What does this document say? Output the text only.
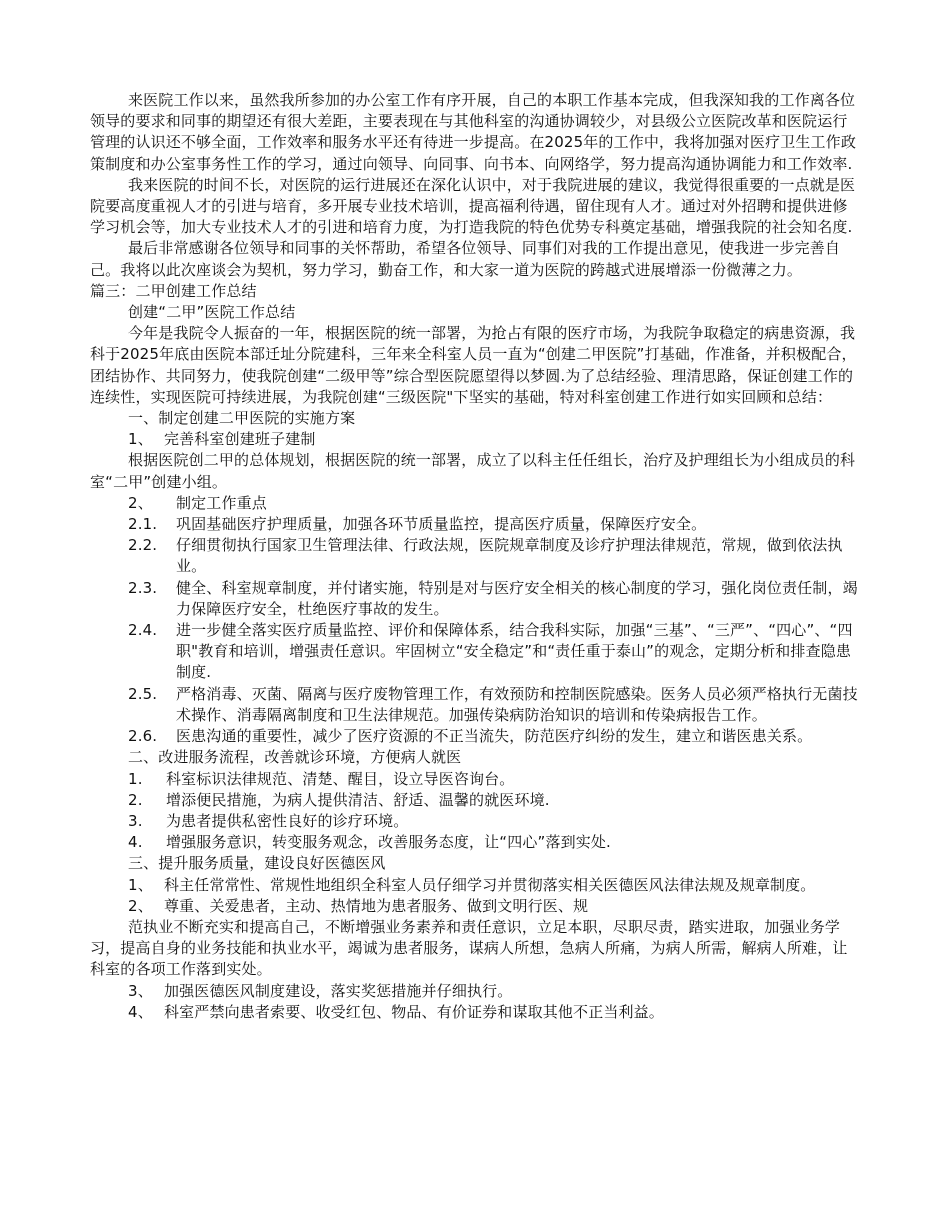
来医院工作以来，虽然我所参加的办公室工作有序开展，自己的本职工作基本完成，但我深知我的工作离各位领导的要求和同事的期望还有很大差距，主要表现在与其他科室的沟通协调较少，对县级公立医院改革和医院运行管理的认识还不够全面，工作效率和服务水平还有待进一步提高。在2025年的工作中，我将加强对医疗卫生工作政策制度和办公室事务性工作的学习，通过向领导、向同事、向书本、向网络学，努力提高沟通协调能力和工作效率.

我来医院的时间不长，对医院的运行进展还在深化认识中，对于我院进展的建议，我觉得很重要的一点就是医院要高度重视人才的引进与培育，多开展专业技术培训，提高福利待遇，留住现有人才。通过对外招聘和提供进修学习机会等，加大专业技术人才的引进和培育力度，为打造我院的特色优势专科奠定基础，增强我院的社会知名度.

最后非常感谢各位领导和同事的关怀帮助，希望各位领导、同事们对我的工作提出意见，使我进一步完善自己。我将以此次座谈会为契机，努力学习，勤奋工作，和大家一道为医院的跨越式进展增添一份微薄之力。

篇三：二甲创建工作总结

创建“二甲”医院工作总结

今年是我院令人振奋的一年，根据医院的统一部署，为抢占有限的医疗市场，为我院争取稳定的病患资源，我科于2025年底由医院本部迁址分院建科，三年来全科室人员一直为“创建二甲医院”打基础，作准备，并积极配合，团结协作、共同努力，使我院创建“二级甲等”综合型医院愿望得以梦圆.为了总结经验、理清思路，保证创建工作的连续性，实现医院可持续进展，为我院创建“三级医院"下坚实的基础，特对科室创建工作进行如实回顾和总结：

一、制定创建二甲医院的实施方案

1、 完善科室创建班子建制

根据医院创二甲的总体规划，根据医院的统一部署，成立了以科主任任组长，治疗及护理组长为小组成员的科室“二甲”创建小组。

2、	制定工作重点
2.1.	巩固基础医疗护理质量，加强各环节质量监控，提高医疗质量，保障医疗安全。
2.2.	仔细贯彻执行国家卫生管理法律、行政法规，医院规章制度及诊疗护理法律规范，常规，做到依法执业。
2.3.	健全、科室规章制度，并付诸实施，特别是对与医疗安全相关的核心制度的学习，强化岗位责任制，竭力保障医疗安全，杜绝医疗事故的发生。
2.4.	进一步健全落实医疗质量监控、评价和保障体系，结合我科实际，加强“三基”、“三严”、“四心”、“四职"教育和培训，增强责任意识。牢固树立“安全稳定”和“责任重于泰山”的观念，定期分析和排查隐患制度.
2.5.	严格消毒、灭菌、隔离与医疗废物管理工作，有效预防和控制医院感染。医务人员必须严格执行无菌技术操作、消毒隔离制度和卫生法律规范。加强传染病防治知识的培训和传染病报告工作。
2.6.	医患沟通的重要性，减少了医疗资源的不正当流失，防范医疗纠纷的发生，建立和谐医患关系。

二、改进服务流程，改善就诊环境，方便病人就医

1.	科室标识法律规范、清楚、醒目，设立导医咨询台。
2.	增添便民措施，为病人提供清洁、舒适、温馨的就医环境.
3.	为患者提供私密性良好的诊疗环境。
4.	增强服务意识，转变服务观念，改善服务态度，让“四心”落到实处.

三、提升服务质量，建设良好医德医风

1、 科主任常常性、常规性地组织全科室人员仔细学习并贯彻落实相关医德医风法律法规及规章制度。
2、 尊重、关爱患者，主动、热情地为患者服务、做到文明行医、规

范执业不断充实和提高自己，不断增强业务素养和责任意识，立足本职，尽职尽责，踏实进取，加强业务学习，提高自身的业务技能和执业水平，竭诚为患者服务，谋病人所想，急病人所痛，为病人所需，解病人所难，让科室的各项工作落到实处。

3、 加强医德医风制度建设，落实奖惩措施并仔细执行。
4、 科室严禁向患者索要、收受红包、物品、有价证券和谋取其他不正当利益。
